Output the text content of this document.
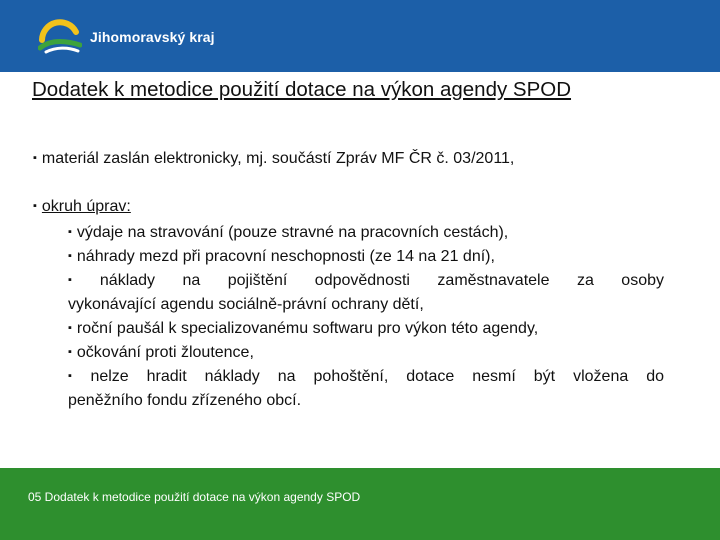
Jihomoravský kraj
Dodatek k metodice použití dotace na výkon agendy SPOD
▪ materiál zaslán elektronicky, mj. součástí Zpráv MF ČR č. 03/2011,
▪ okruh úprav:
▪ výdaje na stravování (pouze stravné na pracovních cestách),
▪ náhrady mezd při pracovní neschopnosti (ze 14 na 21 dní),
▪ náklady na pojištění odpovědnosti zaměstnavatele za osoby
vykonávající agendu sociálně-právní ochrany dětí,
▪ roční paušál k specializovanému softwaru pro výkon této agendy,
▪ očkování proti žloutence,
▪ nelze hradit náklady na pohoštění, dotace nesmí být vložena do
peněžního fondu zřízeného obcí.
05 Dodatek k metodice použití dotace na výkon agendy SPOD
